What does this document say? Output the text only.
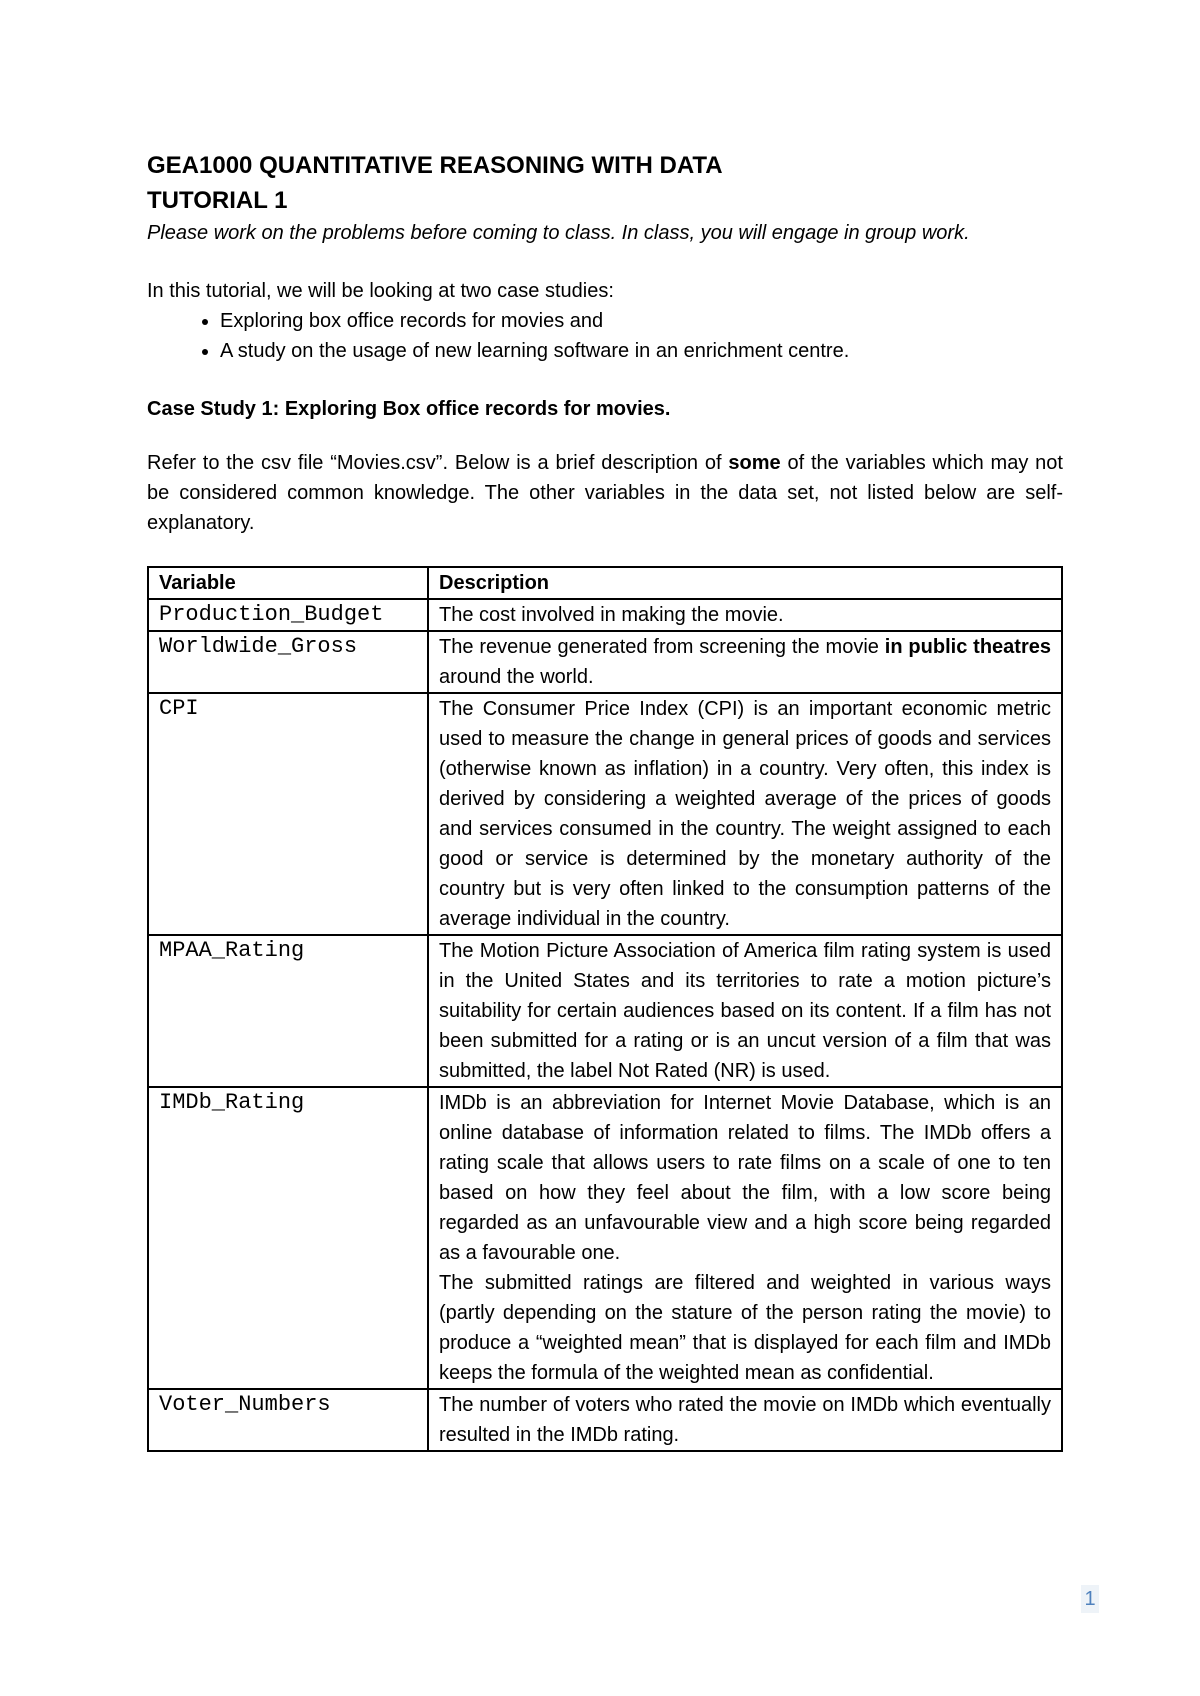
GEA1000 QUANTITATIVE REASONING WITH DATA

TUTORIAL 1

Please work on the problems before coming to class. In class, you will engage in group work.

In this tutorial, we will be looking at two case studies:

• Exploring box office records for movies and
• A study on the usage of new learning software in an enrichment centre.

Case Study 1: Exploring Box office records for movies.

Refer to the csv file “Movies.csv”. Below is a brief description of some of the variables which may not be considered common knowledge. The other variables in the data set, not listed below are self-explanatory.

Variable	Description
Production_Budget	The cost involved in making the movie.
Worldwide_Gross	The revenue generated from screening the movie in public theatres around the world.
CPI	The Consumer Price Index (CPI) is an important economic metric used to measure the change in general prices of goods and services (otherwise known as inflation) in a country. Very often, this index is derived by considering a weighted average of the prices of goods and services consumed in the country. The weight assigned to each good or service is determined by the monetary authority of the country but is very often linked to the consumption patterns of the average individual in the country.
MPAA_Rating	The Motion Picture Association of America film rating system is used in the United States and its territories to rate a motion picture’s suitability for certain audiences based on its content. If a film has not been submitted for a rating or is an uncut version of a film that was submitted, the label Not Rated (NR) is used.
IMDb_Rating	IMDb is an abbreviation for Internet Movie Database, which is an online database of information related to films. The IMDb offers a rating scale that allows users to rate films on a scale of one to ten based on how they feel about the film, with a low score being regarded as an unfavourable view and a high score being regarded as a favourable one.
The submitted ratings are filtered and weighted in various ways (partly depending on the stature of the person rating the movie) to produce a “weighted mean” that is displayed for each film and IMDb keeps the formula of the weighted mean as confidential.

Voter_Numbers	The number of voters who rated the movie on IMDb which eventually resulted in the IMDb rating.
1
